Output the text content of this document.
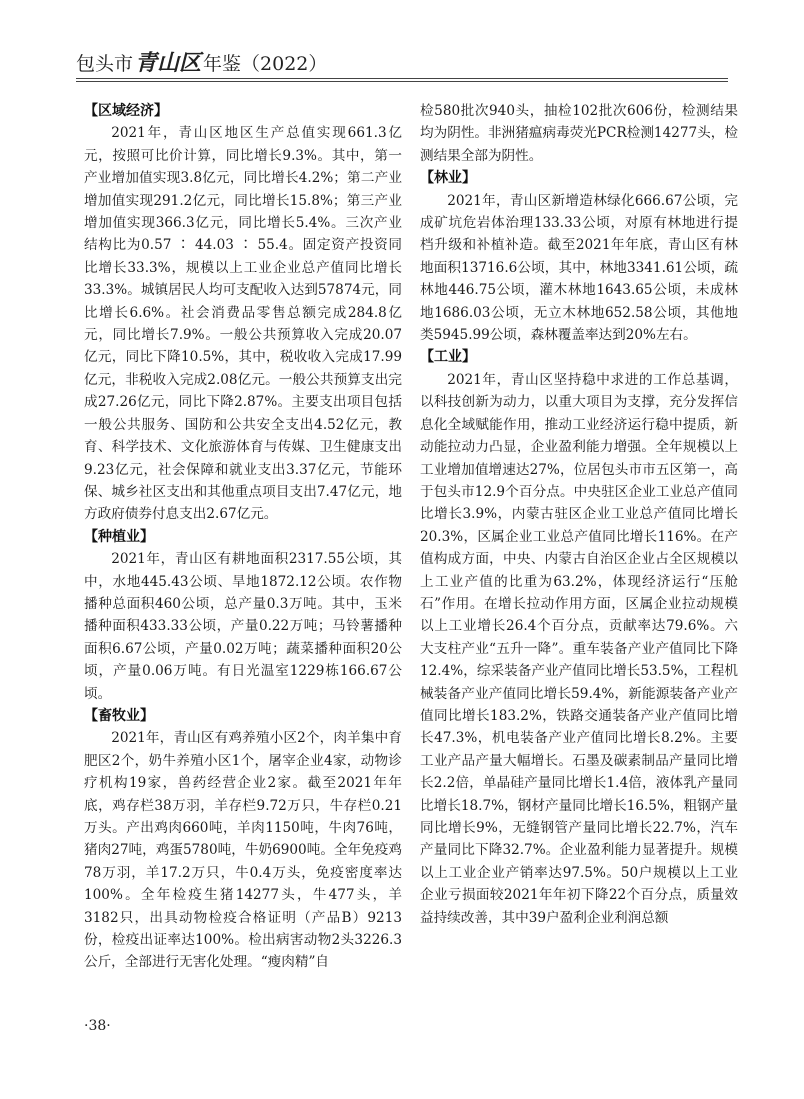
包头市 青山区 年鉴（2022）

【区域经济】

2021年，青山区地区生产总值实现661.3亿元，按照可比价计算，同比增长9.3%。其中，第一产业增加值实现3.8亿元，同比增长4.2%；第二产业增加值实现291.2亿元，同比增长15.8%；第三产业增加值实现366.3亿元，同比增长5.4%。三次产业结构比为0.57 ∶ 44.03 ∶ 55.4。固定资产投资同比增长33.3%，规模以上工业企业总产值同比增长33.3%。城镇居民人均可支配收入达到57874元，同比增长6.6%。社会消费品零售总额完成284.8亿元，同比增长7.9%。一般公共预算收入完成20.07亿元，同比下降10.5%，其中，税收收入完成17.99亿元，非税收入完成2.08亿元。一般公共预算支出完成27.26亿元，同比下降2.87%。主要支出项目包括一般公共服务、国防和公共安全支出4.52亿元，教育、科学技术、文化旅游体育与传媒、卫生健康支出9.23亿元，社会保障和就业支出3.37亿元，节能环保、城乡社区支出和其他重点项目支出7.47亿元，地方政府债券付息支出2.67亿元。

【种植业】

2021年，青山区有耕地面积2317.55公顷，其中，水地445.43公顷、旱地1872.12公顷。农作物播种总面积460公顷，总产量0.3万吨。其中，玉米播种面积433.33公顷，产量0.22万吨；马铃薯播种面积6.67公顷，产量0.02万吨；蔬菜播种面积20公顷，产量0.06万吨。有日光温室1229栋166.67公顷。

【畜牧业】

2021年，青山区有鸡养殖小区2个，肉羊集中育肥区2个，奶牛养殖小区1个，屠宰企业4家，动物诊疗机构19家，兽药经营企业2家。截至2021年年底，鸡存栏38万羽，羊存栏9.72万只，牛存栏0.21万头。产出鸡肉660吨，羊肉1150吨，牛肉76吨，猪肉27吨，鸡蛋5780吨，牛奶6900吨。全年免疫鸡78万羽，羊17.2万只，牛0.4万头，免疫密度率达100%。全年检疫生猪14277头，牛477头，羊3182只，出具动物检疫合格证明（产品B）9213份，检疫出证率达100%。检出病害动物2头3226.3公斤，全部进行无害化处理。“瘦肉精”自

检580批次940头，抽检102批次606份，检测结果均为阴性。非洲猪瘟病毒荧光PCR检测14277头，检测结果全部为阴性。

【林业】

2021年，青山区新增造林绿化666.67公顷，完成矿坑危岩体治理133.33公顷，对原有林地进行提档升级和补植补造。截至2021年年底，青山区有林地面积13716.6公顷，其中，林地3341.61公顷，疏林地446.75公顷，灌木林地1643.65公顷，未成林地1686.03公顷，无立木林地652.58公顷，其他地类5945.99公顷，森林覆盖率达到20%左右。

【工业】

2021年，青山区坚持稳中求进的工作总基调，以科技创新为动力，以重大项目为支撑，充分发挥信息化全域赋能作用，推动工业经济运行稳中提质，新动能拉动力凸显，企业盈利能力增强。全年规模以上工业增加值增速达27%，位居包头市市五区第一，高于包头市12.9个百分点。中央驻区企业工业总产值同比增长3.9%，内蒙古驻区企业工业总产值同比增长20.3%，区属企业工业总产值同比增长116%。在产值构成方面，中央、内蒙古自治区企业占全区规模以上工业产值的比重为63.2%，体现经济运行“压舱石”作用。在增长拉动作用方面，区属企业拉动规模以上工业增长26.4个百分点，贡献率达79.6%。六大支柱产业“五升一降”。重车装备产业产值同比下降12.4%，综采装备产业产值同比增长53.5%，工程机械装备产业产值同比增长59.4%，新能源装备产业产值同比增长183.2%，铁路交通装备产业产值同比增长47.3%，机电装备产业产值同比增长8.2%。主要工业产品产量大幅增长。石墨及碳素制品产量同比增长2.2倍，单晶硅产量同比增长1.4倍，液体乳产量同比增长18.7%，钢材产量同比增长16.5%，粗钢产量同比增长9%，无缝钢管产量同比增长22.7%，汽车产量同比下降32.7%。企业盈利能力显著提升。规模以上工业企业产销率达97.5%。50户规模以上工业企业亏损面较2021年年初下降22个百分点，质量效益持续改善，其中39户盈利企业利润总额

·38·
